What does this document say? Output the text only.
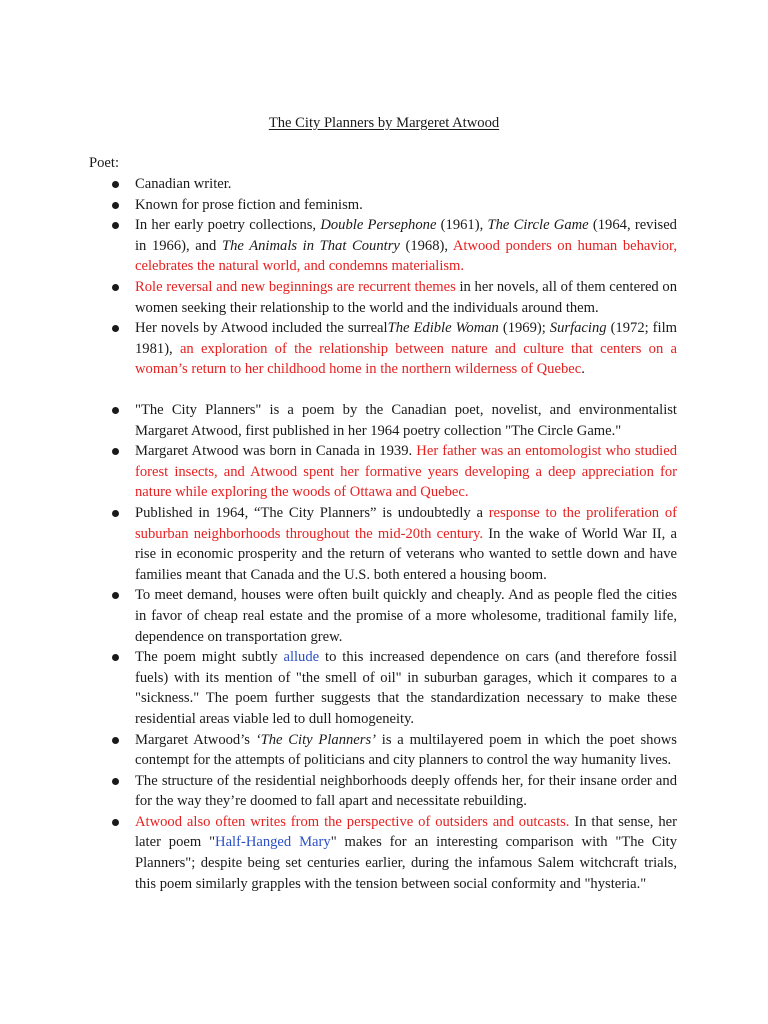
The City Planners by Margeret Atwood
Poet:
Canadian writer.
Known for prose fiction and feminism.
In her early poetry collections, Double Persephone (1961), The Circle Game (1964, revised in 1966), and The Animals in That Country (1968), Atwood ponders on human behavior, celebrates the natural world, and condemns materialism.
Role reversal and new beginnings are recurrent themes in her novels, all of them centered on women seeking their relationship to the world and the individuals around them.
Her novels by Atwood included the surrealThe Edible Woman (1969); Surfacing (1972; film 1981), an exploration of the relationship between nature and culture that centers on a woman’s return to her childhood home in the northern wilderness of Quebec.
"The City Planners" is a poem by the Canadian poet, novelist, and environmentalist Margaret Atwood, first published in her 1964 poetry collection "The Circle Game."
Margaret Atwood was born in Canada in 1939. Her father was an entomologist who studied forest insects, and Atwood spent her formative years developing a deep appreciation for nature while exploring the woods of Ottawa and Quebec.
Published in 1964, “The City Planners” is undoubtedly a response to the proliferation of suburban neighborhoods throughout the mid-20th century. In the wake of World War II, a rise in economic prosperity and the return of veterans who wanted to settle down and have families meant that Canada and the U.S. both entered a housing boom.
To meet demand, houses were often built quickly and cheaply. And as people fled the cities in favor of cheap real estate and the promise of a more wholesome, traditional family life, dependence on transportation grew.
The poem might subtly allude to this increased dependence on cars (and therefore fossil fuels) with its mention of "the smell of oil" in suburban garages, which it compares to a "sickness." The poem further suggests that the standardization necessary to make these residential areas viable led to dull homogeneity.
Margaret Atwood’s ‘The City Planners’ is a multilayered poem in which the poet shows contempt for the attempts of politicians and city planners to control the way humanity lives.
The structure of the residential neighborhoods deeply offends her, for their insane order and for the way they’re doomed to fall apart and necessitate rebuilding.
Atwood also often writes from the perspective of outsiders and outcasts. In that sense, her later poem "Half-Hanged Mary" makes for an interesting comparison with "The City Planners"; despite being set centuries earlier, during the infamous Salem witchcraft trials, this poem similarly grapples with the tension between social conformity and "hysteria."
